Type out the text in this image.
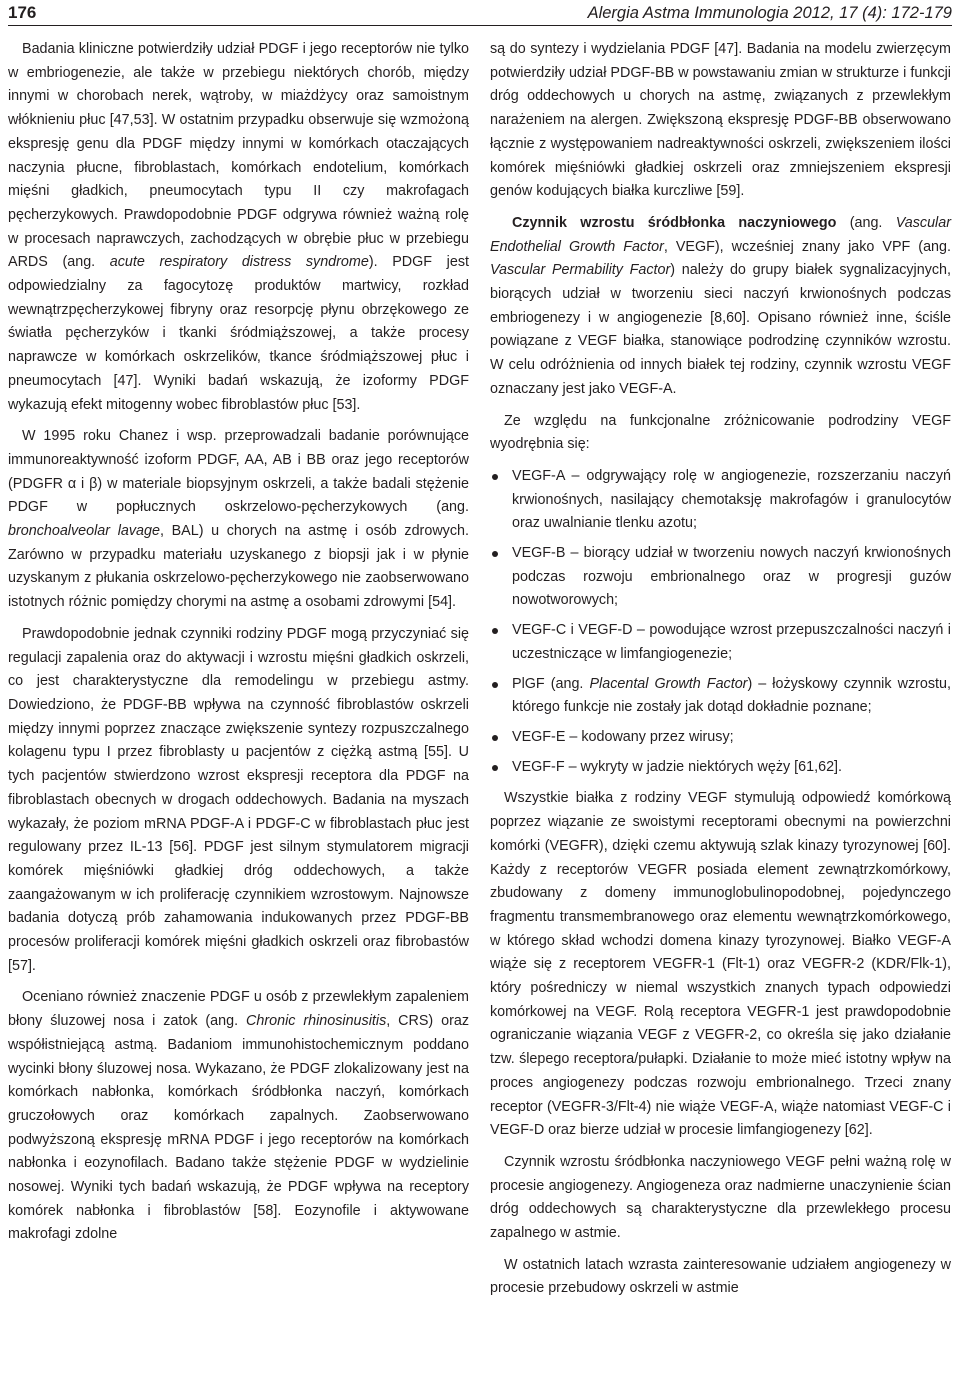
176	Alergia Astma Immunologia 2012, 17 (4): 172-179

Badania kliniczne potwierdziły udział PDGF i jego receptorów nie tylko w embriogenezie, ale także w przebiegu niektórych chorób, między innymi w chorobach nerek, wątroby, w miażdżycy oraz samoistnym włóknieniu płuc [47,53]. W ostatnim przypadku obserwuje się wzmożoną ekspresję genu dla PDGF między innymi w komórkach otaczających naczynia płucne, fibroblastach, komórkach endotelium, komórkach mięśni gładkich, pneumocytach typu II czy makrofagach pęcherzykowych. Prawdopodobnie PDGF odgrywa również ważną rolę w procesach naprawczych, zachodzących w obrębie płuc w przebiegu ARDS (ang. acute respiratory distress syndrome). PDGF jest odpowiedzialny za fagocytozę produktów martwicy, rozkład wewnątrzpęcherzykowej fibryny oraz resorpcję płynu obrzękowego ze światła pęcherzyków i tkanki śródmiąższowej, a także procesy naprawcze w komórkach oskrzelików, tkance śródmiąższowej płuc i pneumocytach [47]. Wyniki badań wskazują, że izoformy PDGF wykazują efekt mitogenny wobec fibroblastów płuc [53].

W 1995 roku Chanez i wsp. przeprowadzali badanie porównujące immunoreaktywność izoform PDGF, AA, AB i BB oraz jego receptorów (PDGFR α i β) w materiale biopsyjnym oskrzeli, a także badali stężenie PDGF w popłucznych oskrzelowo-pęcherzykowych (ang. bronchoalveolar lavage, BAL) u chorych na astmę i osób zdrowych. Zarówno w przypadku materiału uzyskanego z biopsji jak i w płynie uzyskanym z płukania oskrzelowo-pęcherzykowego nie zaobserwowano istotnych różnic pomiędzy chorymi na astmę a osobami zdrowymi [54].

Prawdopodobnie jednak czynniki rodziny PDGF mogą przyczyniać się regulacji zapalenia oraz do aktywacji i wzrostu mięśni gładkich oskrzeli, co jest charakterystyczne dla remodelingu w przebiegu astmy. Dowiedziono, że PDGF-BB wpływa na czynność fibroblastów oskrzeli między innymi poprzez znaczące zwiększenie syntezy rozpuszczalnego kolagenu typu I przez fibroblasty u pacjentów z ciężką astmą [55]. U tych pacjentów stwierdzono wzrost ekspresji receptora dla PDGF na fibroblastach obecnych w drogach oddechowych. Badania na myszach wykazały, że poziom mRNA PDGF-A i PDGF-C w fibroblastach płuc jest regulowany przez IL-13 [56]. PDGF jest silnym stymulatorem migracji komórek mięśniówki gładkiej dróg oddechowych, a także zaangażowanym w ich proliferację czynnikiem wzrostowym. Najnowsze badania dotyczą prób zahamowania indukowanych przez PDGF-BB procesów proliferacji komórek mięśni gładkich oskrzeli oraz fibrobastów [57].

Oceniano również znaczenie PDGF u osób z przewlekłym zapaleniem błony śluzowej nosa i zatok (ang. Chronic rhinosinusitis, CRS) oraz współistniejącą astmą. Badaniom immunohistochemicznym poddano wycinki błony śluzowej nosa. Wykazano, że PDGF zlokalizowany jest na komórkach nabłonka, komórkach śródbłonka naczyń, komórkach gruczołowych oraz komórkach zapalnych. Zaobserwowano podwyższoną ekspresję mRNA PDGF i jego receptorów na komórkach nabłonka i eozynofilach. Badano także stężenie PDGF w wydzielinie nosowej. Wyniki tych badań wskazują, że PDGF wpływa na receptory komórek nabłonka i fibroblastów [58]. Eozynofile i aktywowane makrofagi zdolne

są do syntezy i wydzielania PDGF [47]. Badania na modelu zwierzęcym potwierdziły udział PDGF-BB w powstawaniu zmian w strukturze i funkcji dróg oddechowych u chorych na astmę, związanych z przewlekłym narażeniem na alergen. Zwiększoną ekspresję PDGF-BB obserwowano łącznie z występowaniem nadreaktywności oskrzeli, zwiększeniem ilości komórek mięśniówki gładkiej oskrzeli oraz zmniejszeniem ekspresji genów kodujących białka kurczliwe [59].

Czynnik wzrostu śródbłonka naczyniowego (ang. Vascular Endothelial Growth Factor, VEGF), wcześniej znany jako VPF (ang. Vascular Permability Factor) należy do grupy białek sygnalizacyjnych, biorących udział w tworzeniu sieci naczyń krwionośnych podczas embriogenezy i w angiogenezie [8,60]. Opisano również inne, ściśle powiązane z VEGF białka, stanowiące podrodzinę czynników wzrostu. W celu odróżnienia od innych białek tej rodziny, czynnik wzrostu VEGF oznaczany jest jako VEGF-A.

Ze względu na funkcjonalne zróżnicowanie podrodziny VEGF wyodrębnia się:

VEGF-A – odgrywający rolę w angiogenezie, rozszerzaniu naczyń krwionośnych, nasilający chemotaksję makrofagów i granulocytów oraz uwalnianie tlenku azotu;
VEGF-B – biorący udział w tworzeniu nowych naczyń krwionośnych podczas rozwoju embrionalnego oraz w progresji guzów nowotworowych;
VEGF-C i VEGF-D – powodujące wzrost przepuszczalności naczyń i uczestniczące w limfangiogenezie;
PlGF (ang. Placental Growth Factor) – łożyskowy czynnik wzrostu, którego funkcje nie zostały jak dotąd dokładnie poznane;
VEGF-E – kodowany przez wirusy;
VEGF-F – wykryty w jadzie niektórych węży [61,62].

Wszystkie białka z rodziny VEGF stymulują odpowiedź komórkową poprzez wiązanie ze swoistymi receptorami obecnymi na powierzchni komórki (VEGFR), dzięki czemu aktywują szlak kinazy tyrozynowej [60]. Każdy z receptorów VEGFR posiada element zewnątrzkomórkowy, zbudowany z domeny immunoglobulinopodobnej, pojedynczego fragmentu transmembranowego oraz elementu wewnątrzkomórkowego, w którego skład wchodzi domena kinazy tyrozynowej. Białko VEGF-A wiąże się z receptorem VEGFR-1 (Flt-1) oraz VEGFR-2 (KDR/Flk-1), który pośredniczy w niemal wszystkich znanych typach odpowiedzi komórkowej na VEGF. Rolą receptora VEGFR-1 jest prawdopodobnie ograniczanie wiązania VEGF z VEGFR-2, co określa się jako działanie tzw. ślepego receptora/pułapki. Działanie to może mieć istotny wpływ na proces angiogenezy podczas rozwoju embrionalnego. Trzeci znany receptor (VEGFR-3/Flt-4) nie wiąże VEGF-A, wiąże natomiast VEGF-C i VEGF-D oraz bierze udział w procesie limfangiogenezy [62].

Czynnik wzrostu śródbłonka naczyniowego VEGF pełni ważną rolę w procesie angiogenezy. Angiogeneza oraz nadmierne unaczynienie ścian dróg oddechowych są charakterystyczne dla przewlekłego procesu zapalnego w astmie.

W ostatnich latach wzrasta zainteresowanie udziałem angiogenezy w procesie przebudowy oskrzeli w astmie
